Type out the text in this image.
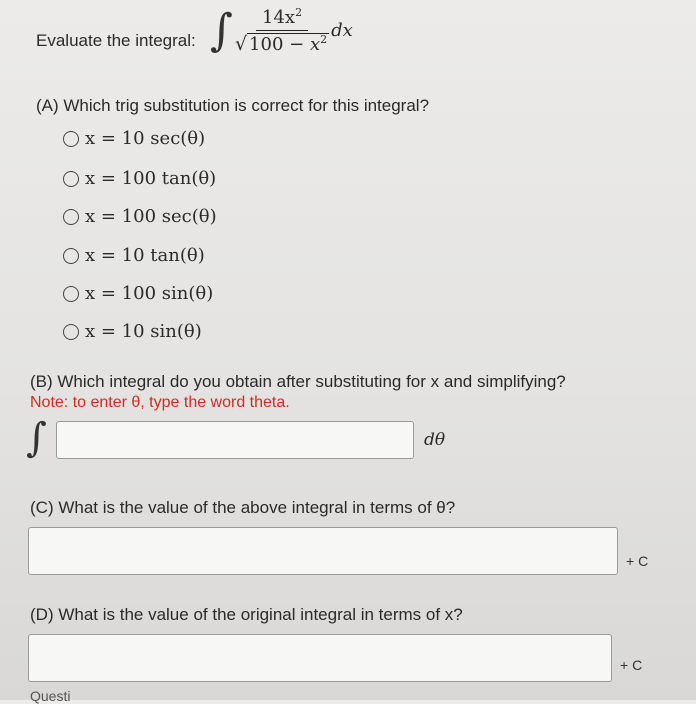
Evaluate the integral: ∫ $\frac{14x^2}{√ 100 - x^2}$ dx
(A) Which trig substitution is correct for this integral?
x = 10 sec(θ)
x = 100 tan(θ)
x = 100 sec(θ)
x = 10 tan(θ)
x = 100 sin(θ)
x = 10 sin(θ)
(B) Which integral do you obtain after substituting for x and simplifying?
Note: to enter θ, type the word theta.
∫	dθ
(C) What is the value of the above integral in terms of θ?
+ C
(D) What is the value of the original integral in terms of x?
+ C
Questi
